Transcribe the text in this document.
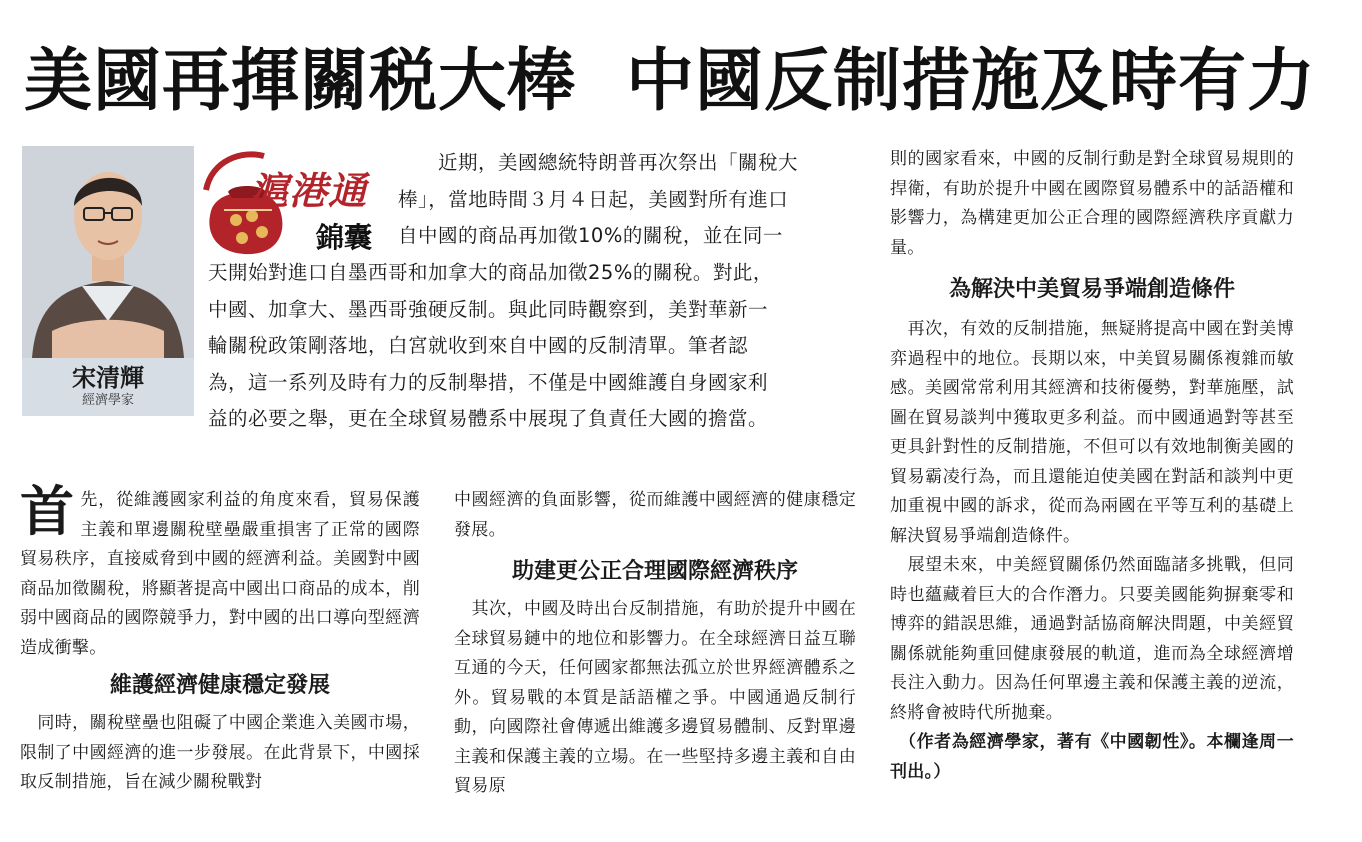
美國再揮關税大棒 中國反制措施及時有力
宋清輝
經濟學家
滬港通
錦囊

　　近期，美國總統特朗普再次祭出「關稅大

棒」，當地時間３月４日起，美國對所有進口

自中國的商品再加徵10%的關稅，並在同一

天開始對進口自墨西哥和加拿大的商品加徵25%的關稅。對此，

中國、加拿大、墨西哥強硬反制。與此同時觀察到，美對華新一

輪關稅政策剛落地，白宮就收到來自中國的反制清單。筆者認

為，這一系列及時有力的反制舉措，不僅是中國維護自身國家利

益的必要之舉，更在全球貿易體系中展現了負責任大國的擔當。

首先，從維護國家利益的角度來看，貿易保護主義和單邊關稅壁壘嚴重損害了正常的國際貿易秩序，直接威脅到中國的經濟利益。美國對中國商品加徵關稅，將顯著提高中國出口商品的成本，削弱中國商品的國際競爭力，對中國的出口導向型經濟造成衝擊。

維護經濟健康穩定發展

　同時，關稅壁壘也阻礙了中國企業進入美國市場，限制了中國經濟的進一步發展。在此背景下，中國採取反制措施，旨在減少關稅戰對

中國經濟的負面影響，從而維護中國經濟的健康穩定發展。

助建更公正合理國際經濟秩序

　其次，中國及時出台反制措施，有助於提升中國在全球貿易鏈中的地位和影響力。在全球經濟日益互聯互通的今天，任何國家都無法孤立於世界經濟體系之外。貿易戰的本質是話語權之爭。中國通過反制行動，向國際社會傳遞出維護多邊貿易體制、反對單邊主義和保護主義的立場。在一些堅持多邊主義和自由貿易原

則的國家看來，中國的反制行動是對全球貿易規則的捍衛，有助於提升中國在國際貿易體系中的話語權和影響力，為構建更加公正合理的國際經濟秩序貢獻力量。

為解決中美貿易爭端創造條件

　再次，有效的反制措施，無疑將提高中國在對美博弈過程中的地位。長期以來，中美貿易關係複雜而敏感。美國常常利用其經濟和技術優勢，對華施壓，試圖在貿易談判中獲取更多利益。而中國通過對等甚至更具針對性的反制措施，不但可以有效地制衡美國的貿易霸凌行為，而且還能迫使美國在對話和談判中更加重視中國的訴求，從而為兩國在平等互利的基礎上解決貿易爭端創造條件。

　展望未來，中美經貿關係仍然面臨諸多挑戰，但同時也蘊藏着巨大的合作潛力。只要美國能夠摒棄零和博弈的錯誤思維，通過對話協商解決問題，中美經貿關係就能夠重回健康發展的軌道，進而為全球經濟增長注入動力。因為任何單邊主義和保護主義的逆流，終將會被時代所拋棄。

　（作者為經濟學家，著有《中國韌性》。本欄逢周一刊出。）
